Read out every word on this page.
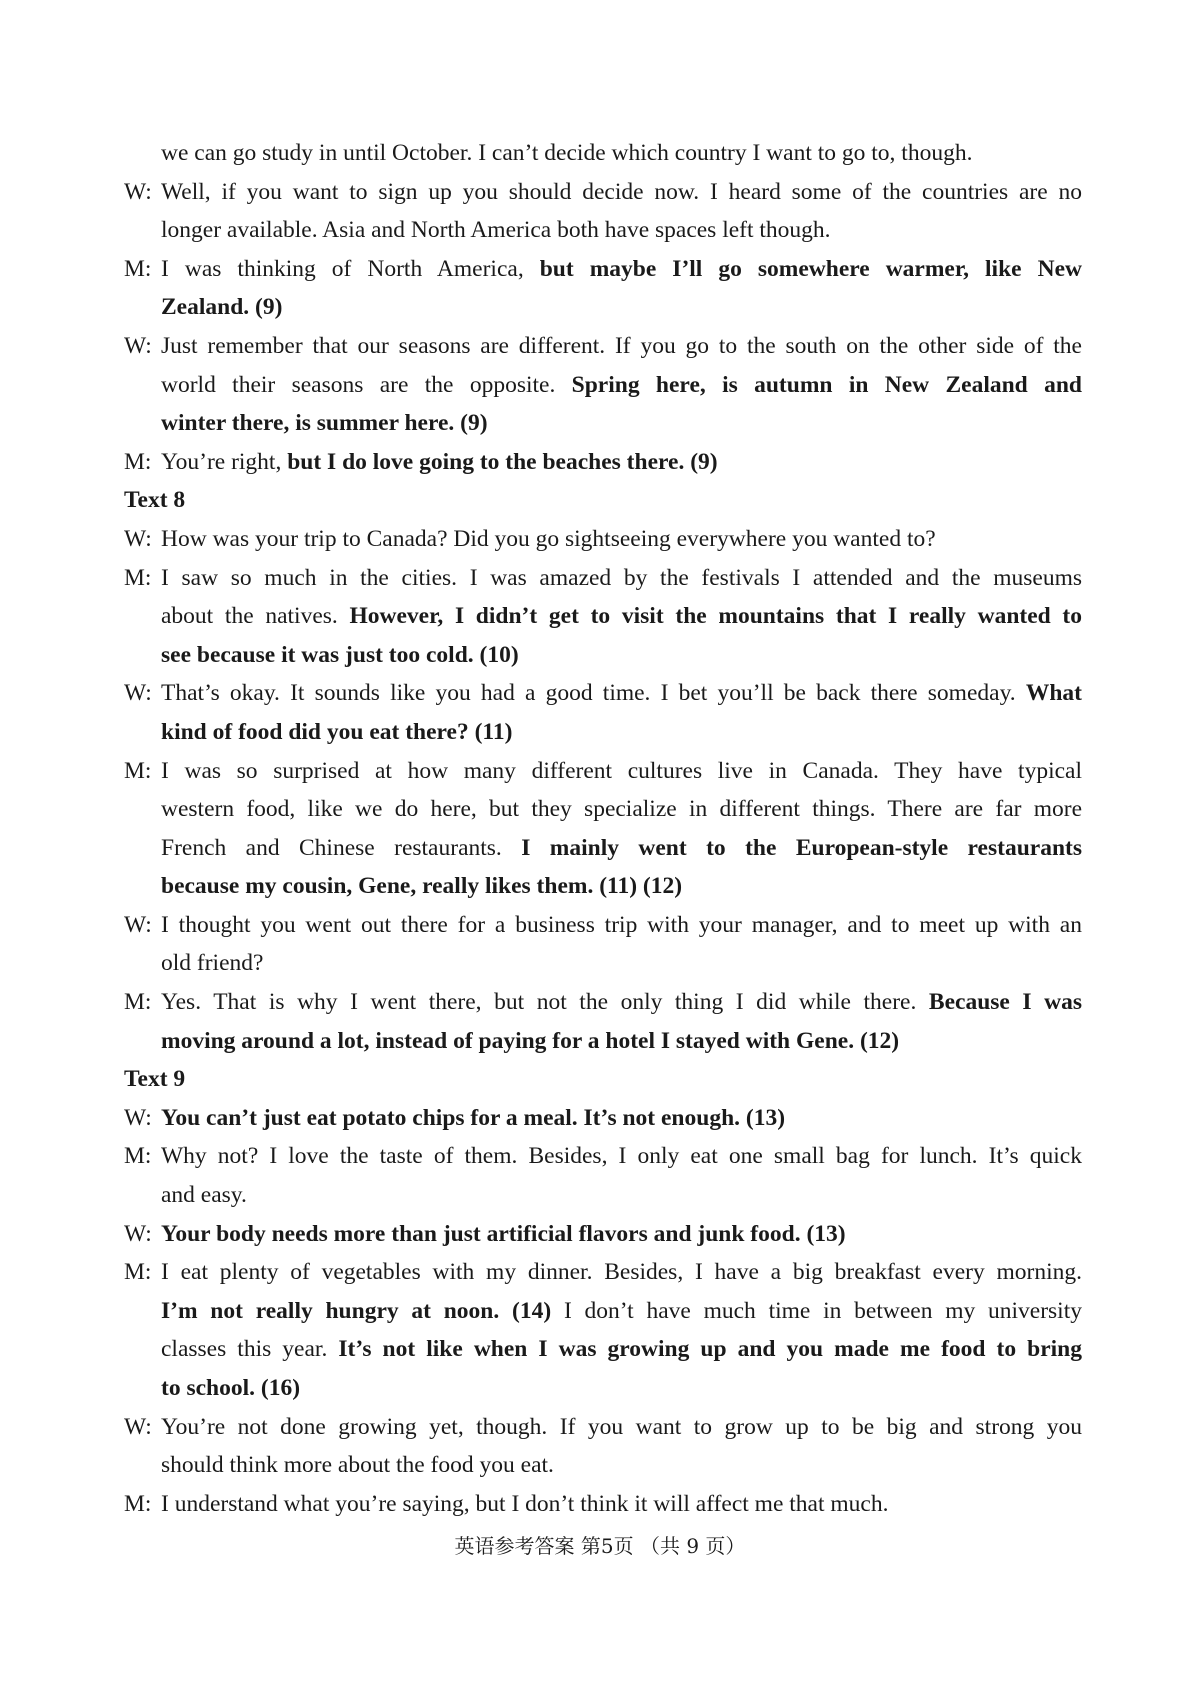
we can go study in until October. I can’t decide which country I want to go to, though.
W: Well, if you want to sign up you should decide now. I heard some of the countries are no
longer available. Asia and North America both have spaces left though.
M: I was thinking of North America, but maybe I’ll go somewhere warmer, like New
Zealand. (9)
W: Just remember that our seasons are different. If you go to the south on the other side of the
world their seasons are the opposite. Spring here, is autumn in New Zealand and
winter there, is summer here. (9)
M: You’re right, but I do love going to the beaches there. (9)
Text 8
W: How was your trip to Canada? Did you go sightseeing everywhere you wanted to?
M: I saw so much in the cities. I was amazed by the festivals I attended and the museums
about the natives. However, I didn’t get to visit the mountains that I really wanted to
see because it was just too cold. (10)
W: That’s okay. It sounds like you had a good time. I bet you’ll be back there someday. What
kind of food did you eat there? (11)
M: I was so surprised at how many different cultures live in Canada. They have typical
western food, like we do here, but they specialize in different things. There are far more
French and Chinese restaurants. I mainly went to the European-style restaurants
because my cousin, Gene, really likes them. (11) (12)
W: I thought you went out there for a business trip with your manager, and to meet up with an
old friend?
M: Yes. That is why I went there, but not the only thing I did while there. Because I was
moving around a lot, instead of paying for a hotel I stayed with Gene. (12)
Text 9
W: You can’t just eat potato chips for a meal. It’s not enough. (13)
M: Why not? I love the taste of them. Besides, I only eat one small bag for lunch. It’s quick
and easy.
W: Your body needs more than just artificial flavors and junk food. (13)
M: I eat plenty of vegetables with my dinner. Besides, I have a big breakfast every morning.
I’m not really hungry at noon. (14) I don’t have much time in between my university
classes this year. It’s not like when I was growing up and you made me food to bring
to school. (16)
W: You’re not done growing yet, though. If you want to grow up to be big and strong you
should think more about the food you eat.
M: I understand what you’re saying, but I don’t think it will affect me that much.
英语参考答案 第5页 （共 9 页）
